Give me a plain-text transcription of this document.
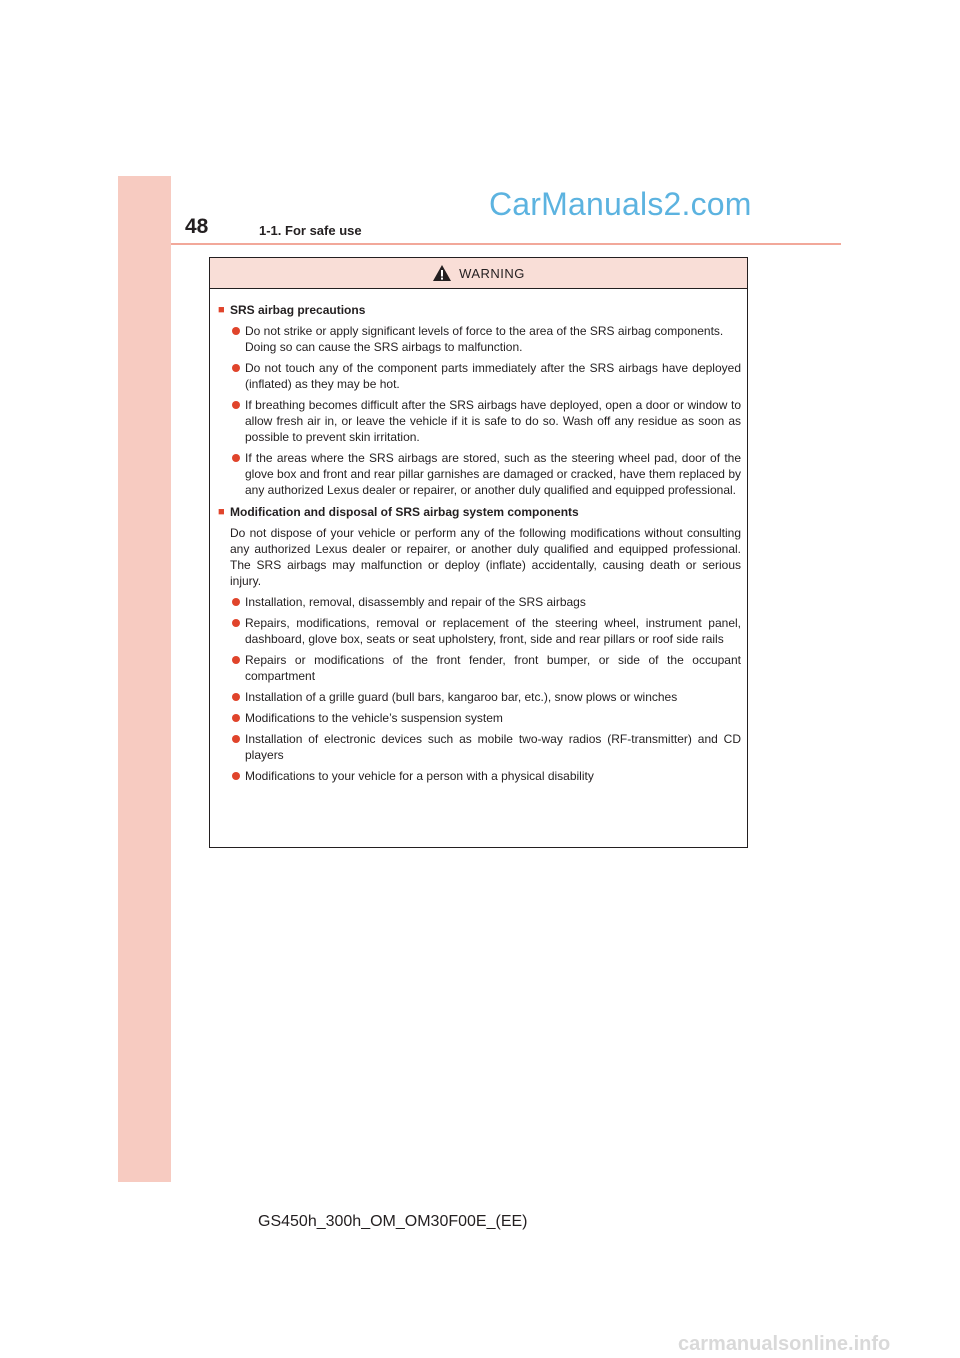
48	1-1. For safe use
CarManuals2.com
WARNING
■ SRS airbag precautions
Do not strike or apply significant levels of force to the area of the SRS airbag components.
Doing so can cause the SRS airbags to malfunction.
Do not touch any of the component parts immediately after the SRS airbags have deployed (inflated) as they may be hot.
If breathing becomes difficult after the SRS airbags have deployed, open a door or window to allow fresh air in, or leave the vehicle if it is safe to do so. Wash off any residue as soon as possible to prevent skin irritation.
If the areas where the SRS airbags are stored, such as the steering wheel pad, door of the glove box and front and rear pillar garnishes are damaged or cracked, have them replaced by any authorized Lexus dealer or repairer, or another duly qualified and equipped professional.
■ Modification and disposal of SRS airbag system components
Do not dispose of your vehicle or perform any of the following modifications without consulting any authorized Lexus dealer or repairer, or another duly qualified and equipped professional. The SRS airbags may malfunction or deploy (inflate) accidentally, causing death or serious injury.
Installation, removal, disassembly and repair of the SRS airbags
Repairs, modifications, removal or replacement of the steering wheel, instrument panel, dashboard, glove box, seats or seat upholstery, front, side and rear pillars or roof side rails
Repairs or modifications of the front fender, front bumper, or side of the occupant compartment
Installation of a grille guard (bull bars, kangaroo bar, etc.), snow plows or winches
Modifications to the vehicle’s suspension system
Installation of electronic devices such as mobile two-way radios (RF-transmitter) and CD players
Modifications to your vehicle for a person with a physical disability
GS450h_300h_OM_OM30F00E_(EE)
carmanualsonline.info
